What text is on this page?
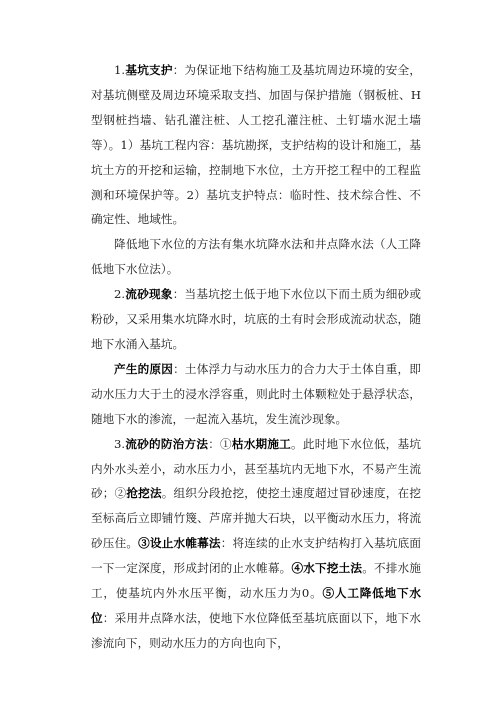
1.基坑支护：为保证地下结构施工及基坑周边环境的安全，对基坑侧壁及周边环境采取支挡、加固与保护措施（钢板桩、H型钢桩挡墙、钻孔灌注桩、人工挖孔灌注桩、土钉墙水泥土墙等）。1）基坑工程内容：基坑勘探，支护结构的设计和施工，基坑土方的开挖和运输，控制地下水位，土方开挖工程中的工程监测和环境保护等。2）基坑支护特点：临时性、技术综合性、不确定性、地域性。

降低地下水位的方法有集水坑降水法和井点降水法（人工降低地下水位法）。

2.流砂现象：当基坑挖土低于地下水位以下而土质为细砂或粉砂，又采用集水坑降水时，坑底的土有时会形成流动状态，随地下水涌入基坑。

产生的原因：土体浮力与动水压力的合力大于土体自重，即动水压力大于土的浸水浮容重，则此时土体颗粒处于悬浮状态，随地下水的渗流，一起流入基坑，发生流沙现象。

3.流砂的防治方法：①枯水期施工。此时地下水位低，基坑内外水头差小，动水压力小，甚至基坑内无地下水，不易产生流砂；②抢挖法。组织分段抢挖，使挖土速度超过冒砂速度，在挖至标高后立即铺竹篾、芦席并抛大石块，以平衡动水压力，将流砂压住。③设止水帷幕法：将连续的止水支护结构打入基坑底面一下一定深度，形成封闭的止水帷幕。④水下挖土法。不排水施工，使基坑内外水压平衡，动水压力为0。⑤人工降低地下水位：采用井点降水法，使地下水位降低至基坑底面以下，地下水渗流向下，则动水压力的方向也向下，
